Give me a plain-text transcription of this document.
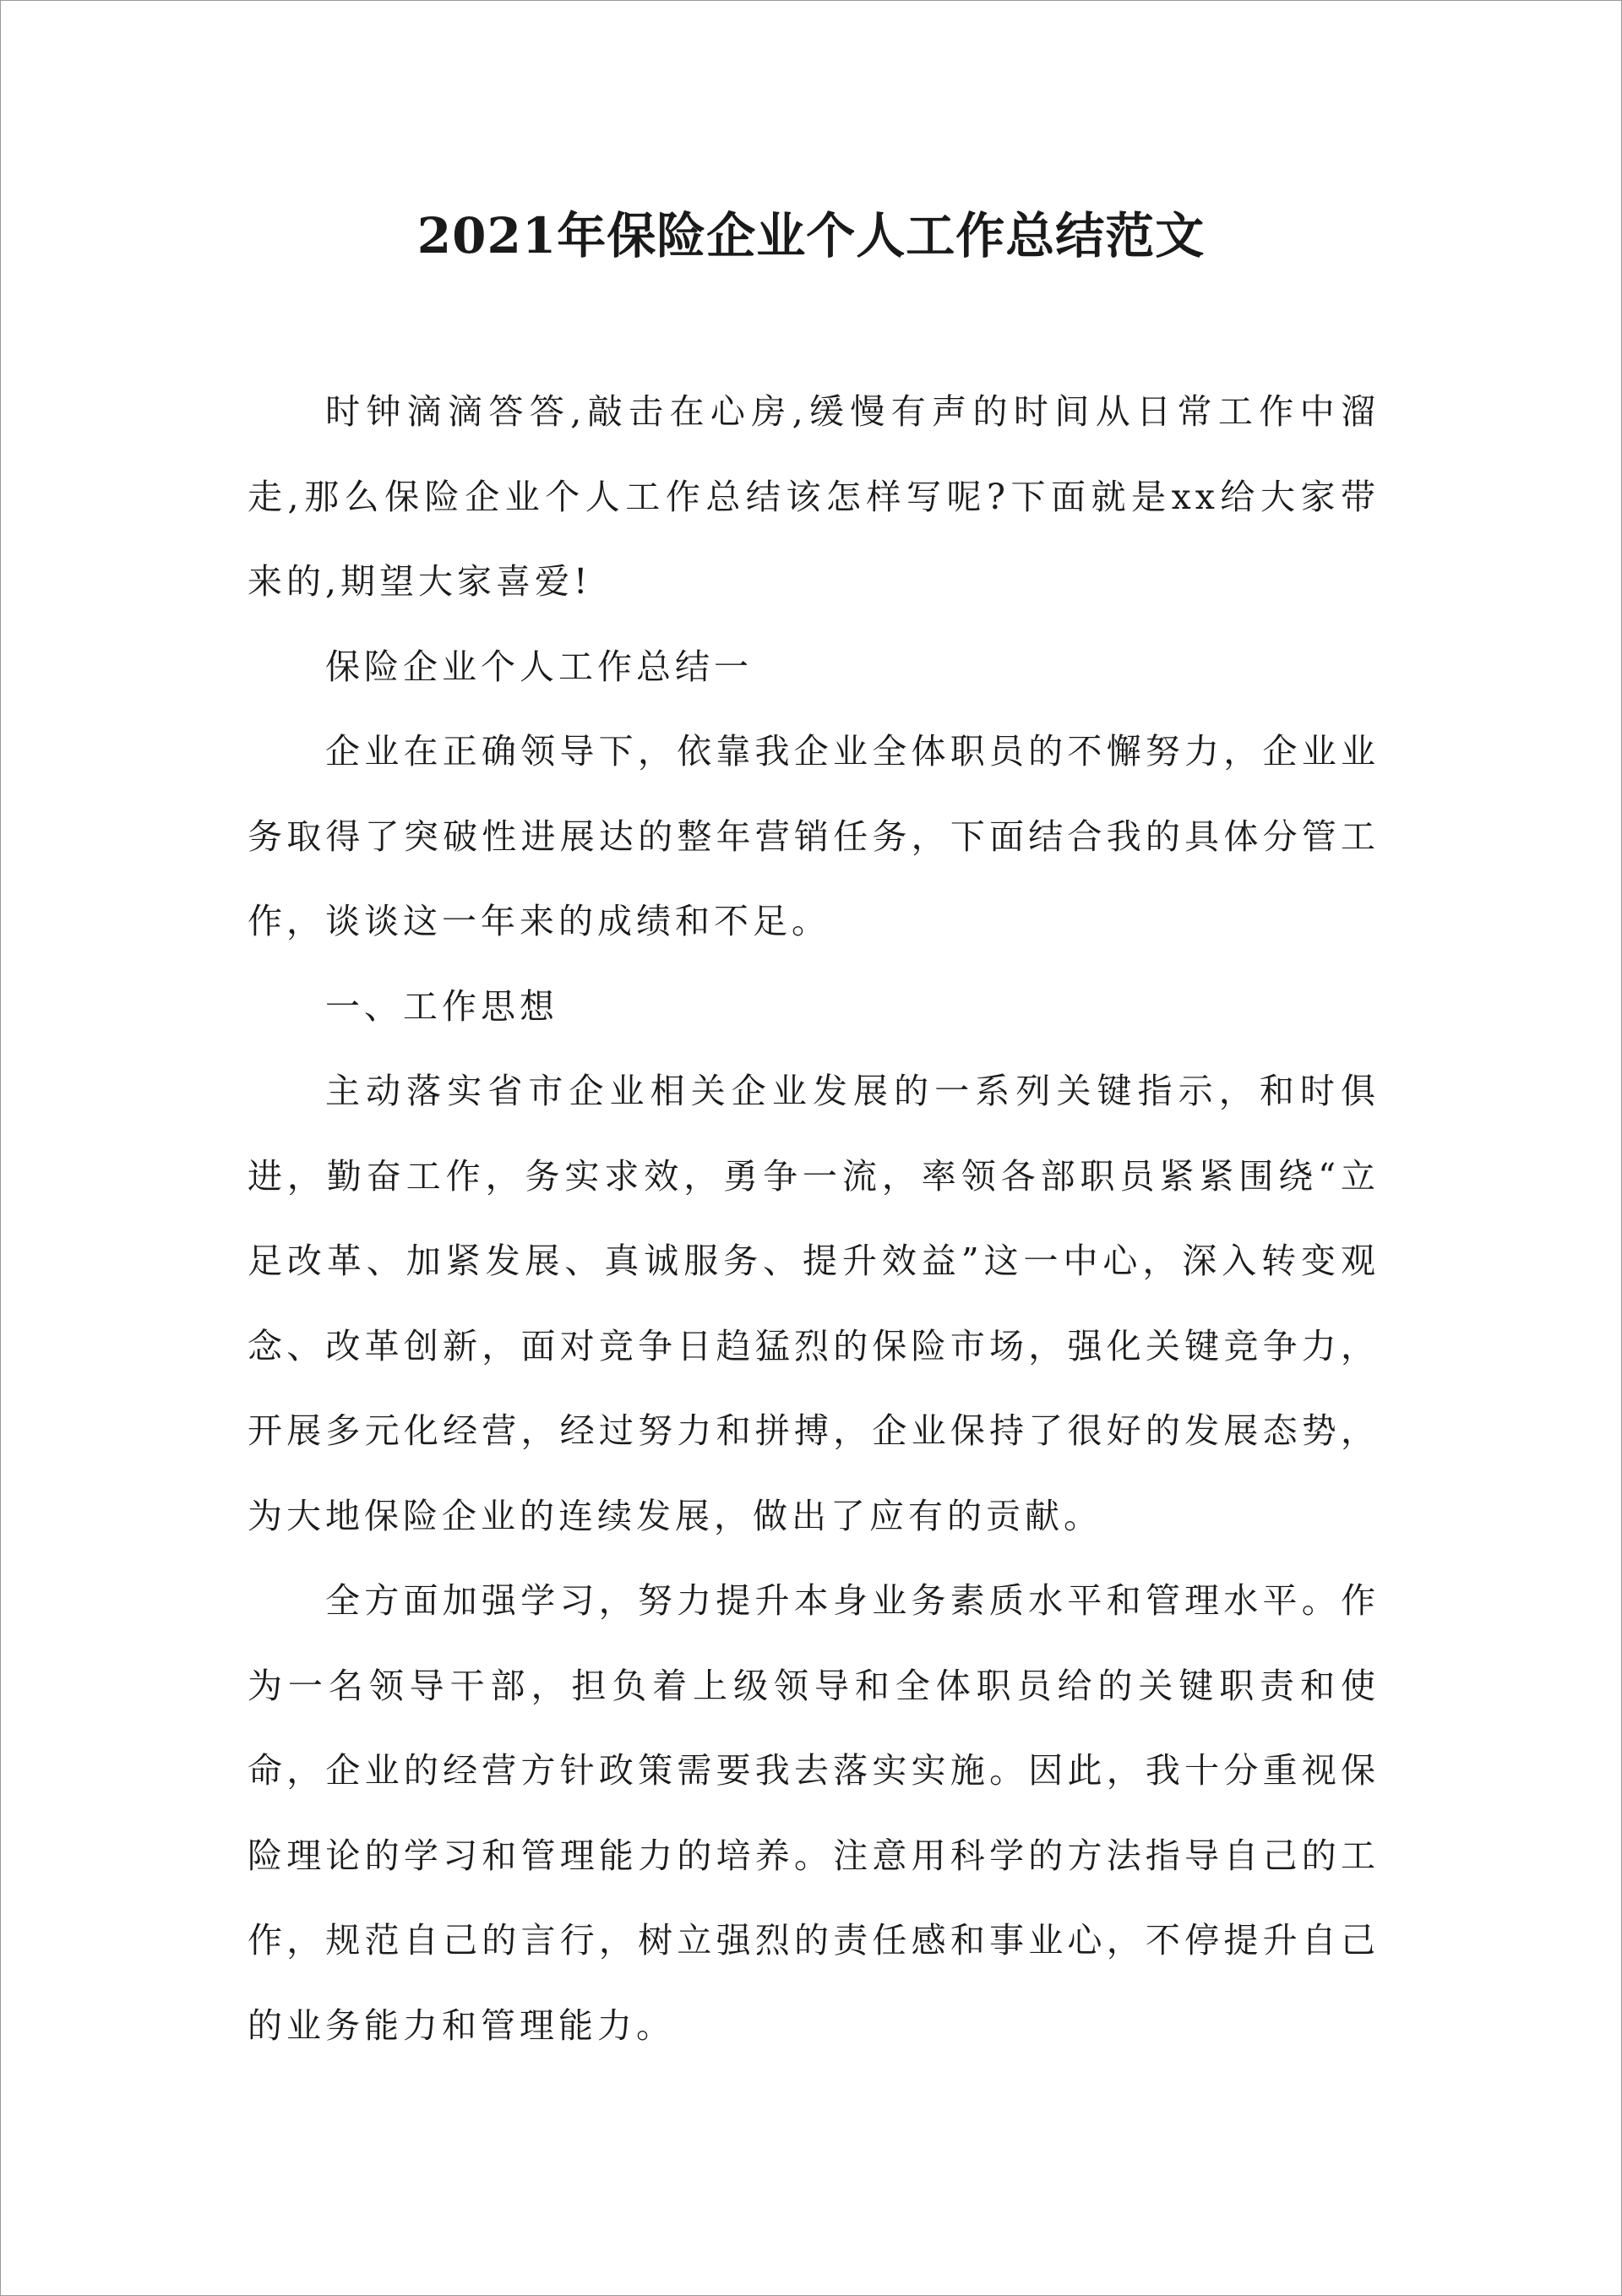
2021年保险企业个人工作总结范文

时钟滴滴答答,敲击在心房,缓慢有声的时间从日常工作中溜走,那么保险企业个人工作总结该怎样写呢?下面就是xx给大家带来的,期望大家喜爱!

保险企业个人工作总结一

企业在正确领导下，依靠我企业全体职员的不懈努力，企业业务取得了突破性进展达的整年营销任务，下面结合我的具体分管工作，谈谈这一年来的成绩和不足。

一、工作思想

主动落实省市企业相关企业发展的一系列关键指示，和时俱进，勤奋工作，务实求效，勇争一流，率领各部职员紧紧围绕“立足改革、加紧发展、真诚服务、提升效益”这一中心，深入转变观念、改革创新，面对竞争日趋猛烈的保险市场，强化关键竞争力，开展多元化经营，经过努力和拼搏，企业保持了很好的发展态势，为大地保险企业的连续发展，做出了应有的贡献。

全方面加强学习，努力提升本身业务素质水平和管理水平。作为一名领导干部，担负着上级领导和全体职员给的关键职责和使命，企业的经营方针政策需要我去落实实施。因此，我十分重视保险理论的学习和管理能力的培养。注意用科学的方法指导自己的工作，规范自己的言行，树立强烈的责任感和事业心，不停提升自己的业务能力和管理能力。
